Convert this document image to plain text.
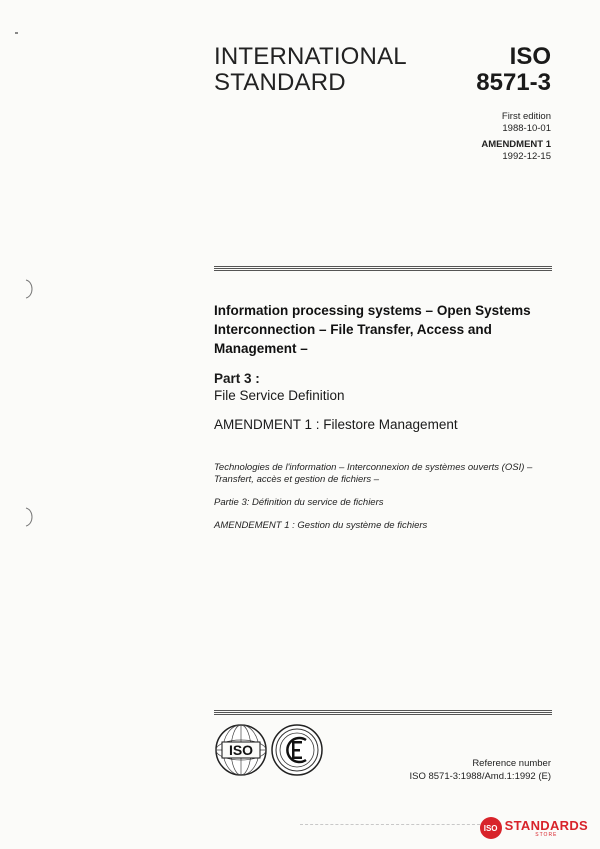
INTERNATIONAL
STANDARD
ISO
8571-3
First edition
1988-10-01
AMENDMENT 1
1992-12-15
Information processing systems – Open Systems
Interconnection – File Transfer, Access and
Management –
Part 3 :
File Service Definition
AMENDMENT 1 : Filestore Management
Technologies de l'information – Interconnexion de systèmes ouverts (OSI) –
Transfert, accès et gestion de fichiers –
Partie 3: Définition du service de fichiers
AMENDEMENT 1 : Gestion du système de fichiers
ISO
Reference number
ISO 8571-3:1988/Amd.1:1992 (E)
ISO STANDARDS
STORE
